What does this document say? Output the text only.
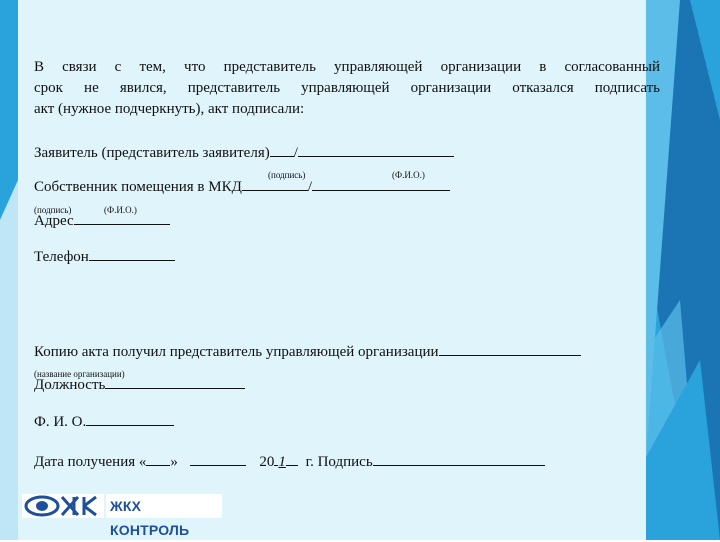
В связи с тем, что представитель управляющей организации в согласованный
срок не явился, представитель управляющей организации отказался подписать
акт (нужное подчеркнуть), акт подписали:
Заявитель (представитель заявителя) /
(подпись)	(Ф.И.О.)
Собственник помещения в МКД	/
(подпись)	(Ф.И.О.)
Адрес
Телефон
Копию акта получил представитель управляющей организации
(название организации)
Должность
Ф. И. О.
Дата получения « »	20 1 г. Подпись
ЖКХ КОНТРОЛЬ
